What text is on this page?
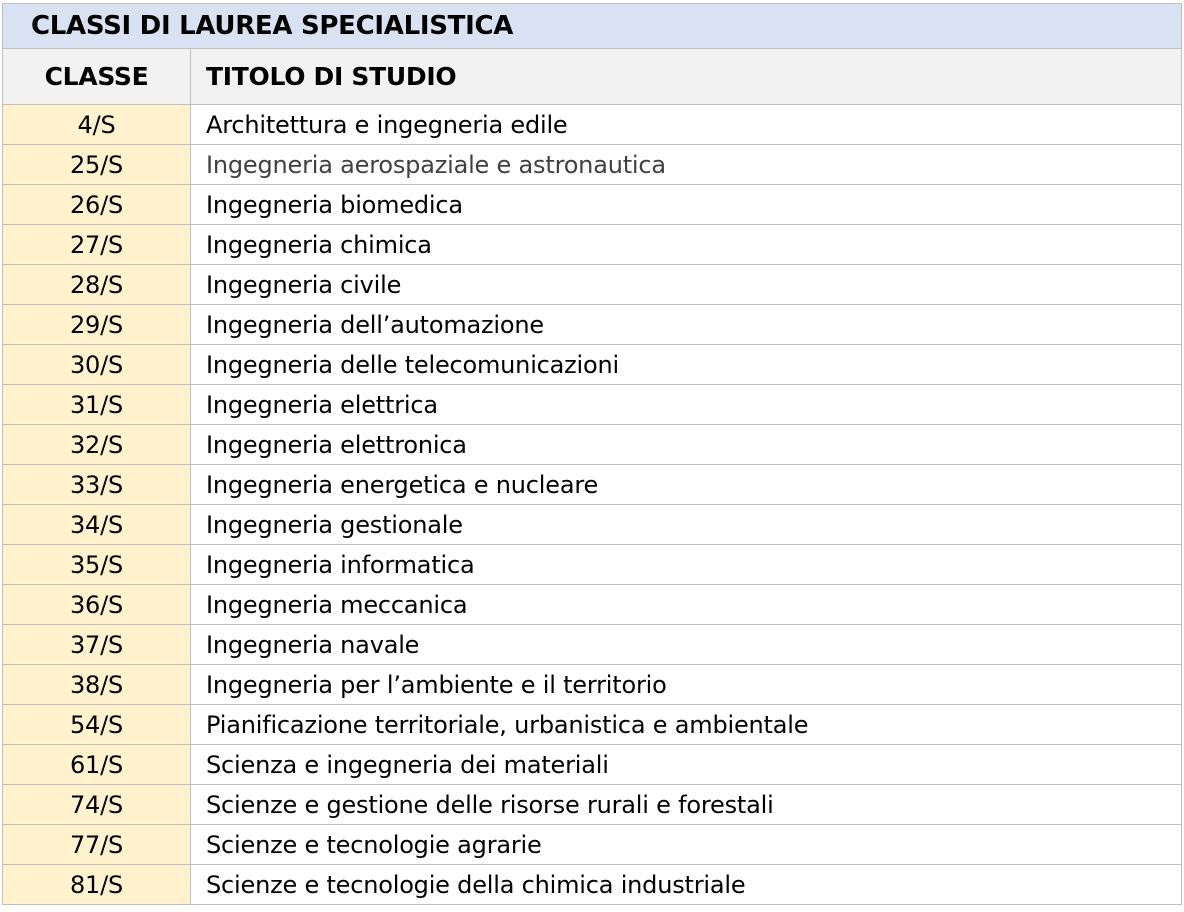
CLASSI DI LAUREA SPECIALISTICA	
CLASSE	TITOLO DI STUDIO
4/S	Architettura e ingegneria edile
25/S	Ingegneria aerospaziale e astronautica
26/S	Ingegneria biomedica
27/S	Ingegneria chimica
28/S	Ingegneria civile
29/S	Ingegneria dell’automazione
30/S	Ingegneria delle telecomunicazioni
31/S	Ingegneria elettrica
32/S	Ingegneria elettronica
33/S	Ingegneria energetica e nucleare
34/S	Ingegneria gestionale
35/S	Ingegneria informatica
36/S	Ingegneria meccanica
37/S	Ingegneria navale
38/S	Ingegneria per l’ambiente e il territorio
54/S	Pianificazione territoriale, urbanistica e ambientale
61/S	Scienza e ingegneria dei materiali
74/S	Scienze e gestione delle risorse rurali e forestali
77/S	Scienze e tecnologie agrarie
81/S	Scienze e tecnologie della chimica industriale
